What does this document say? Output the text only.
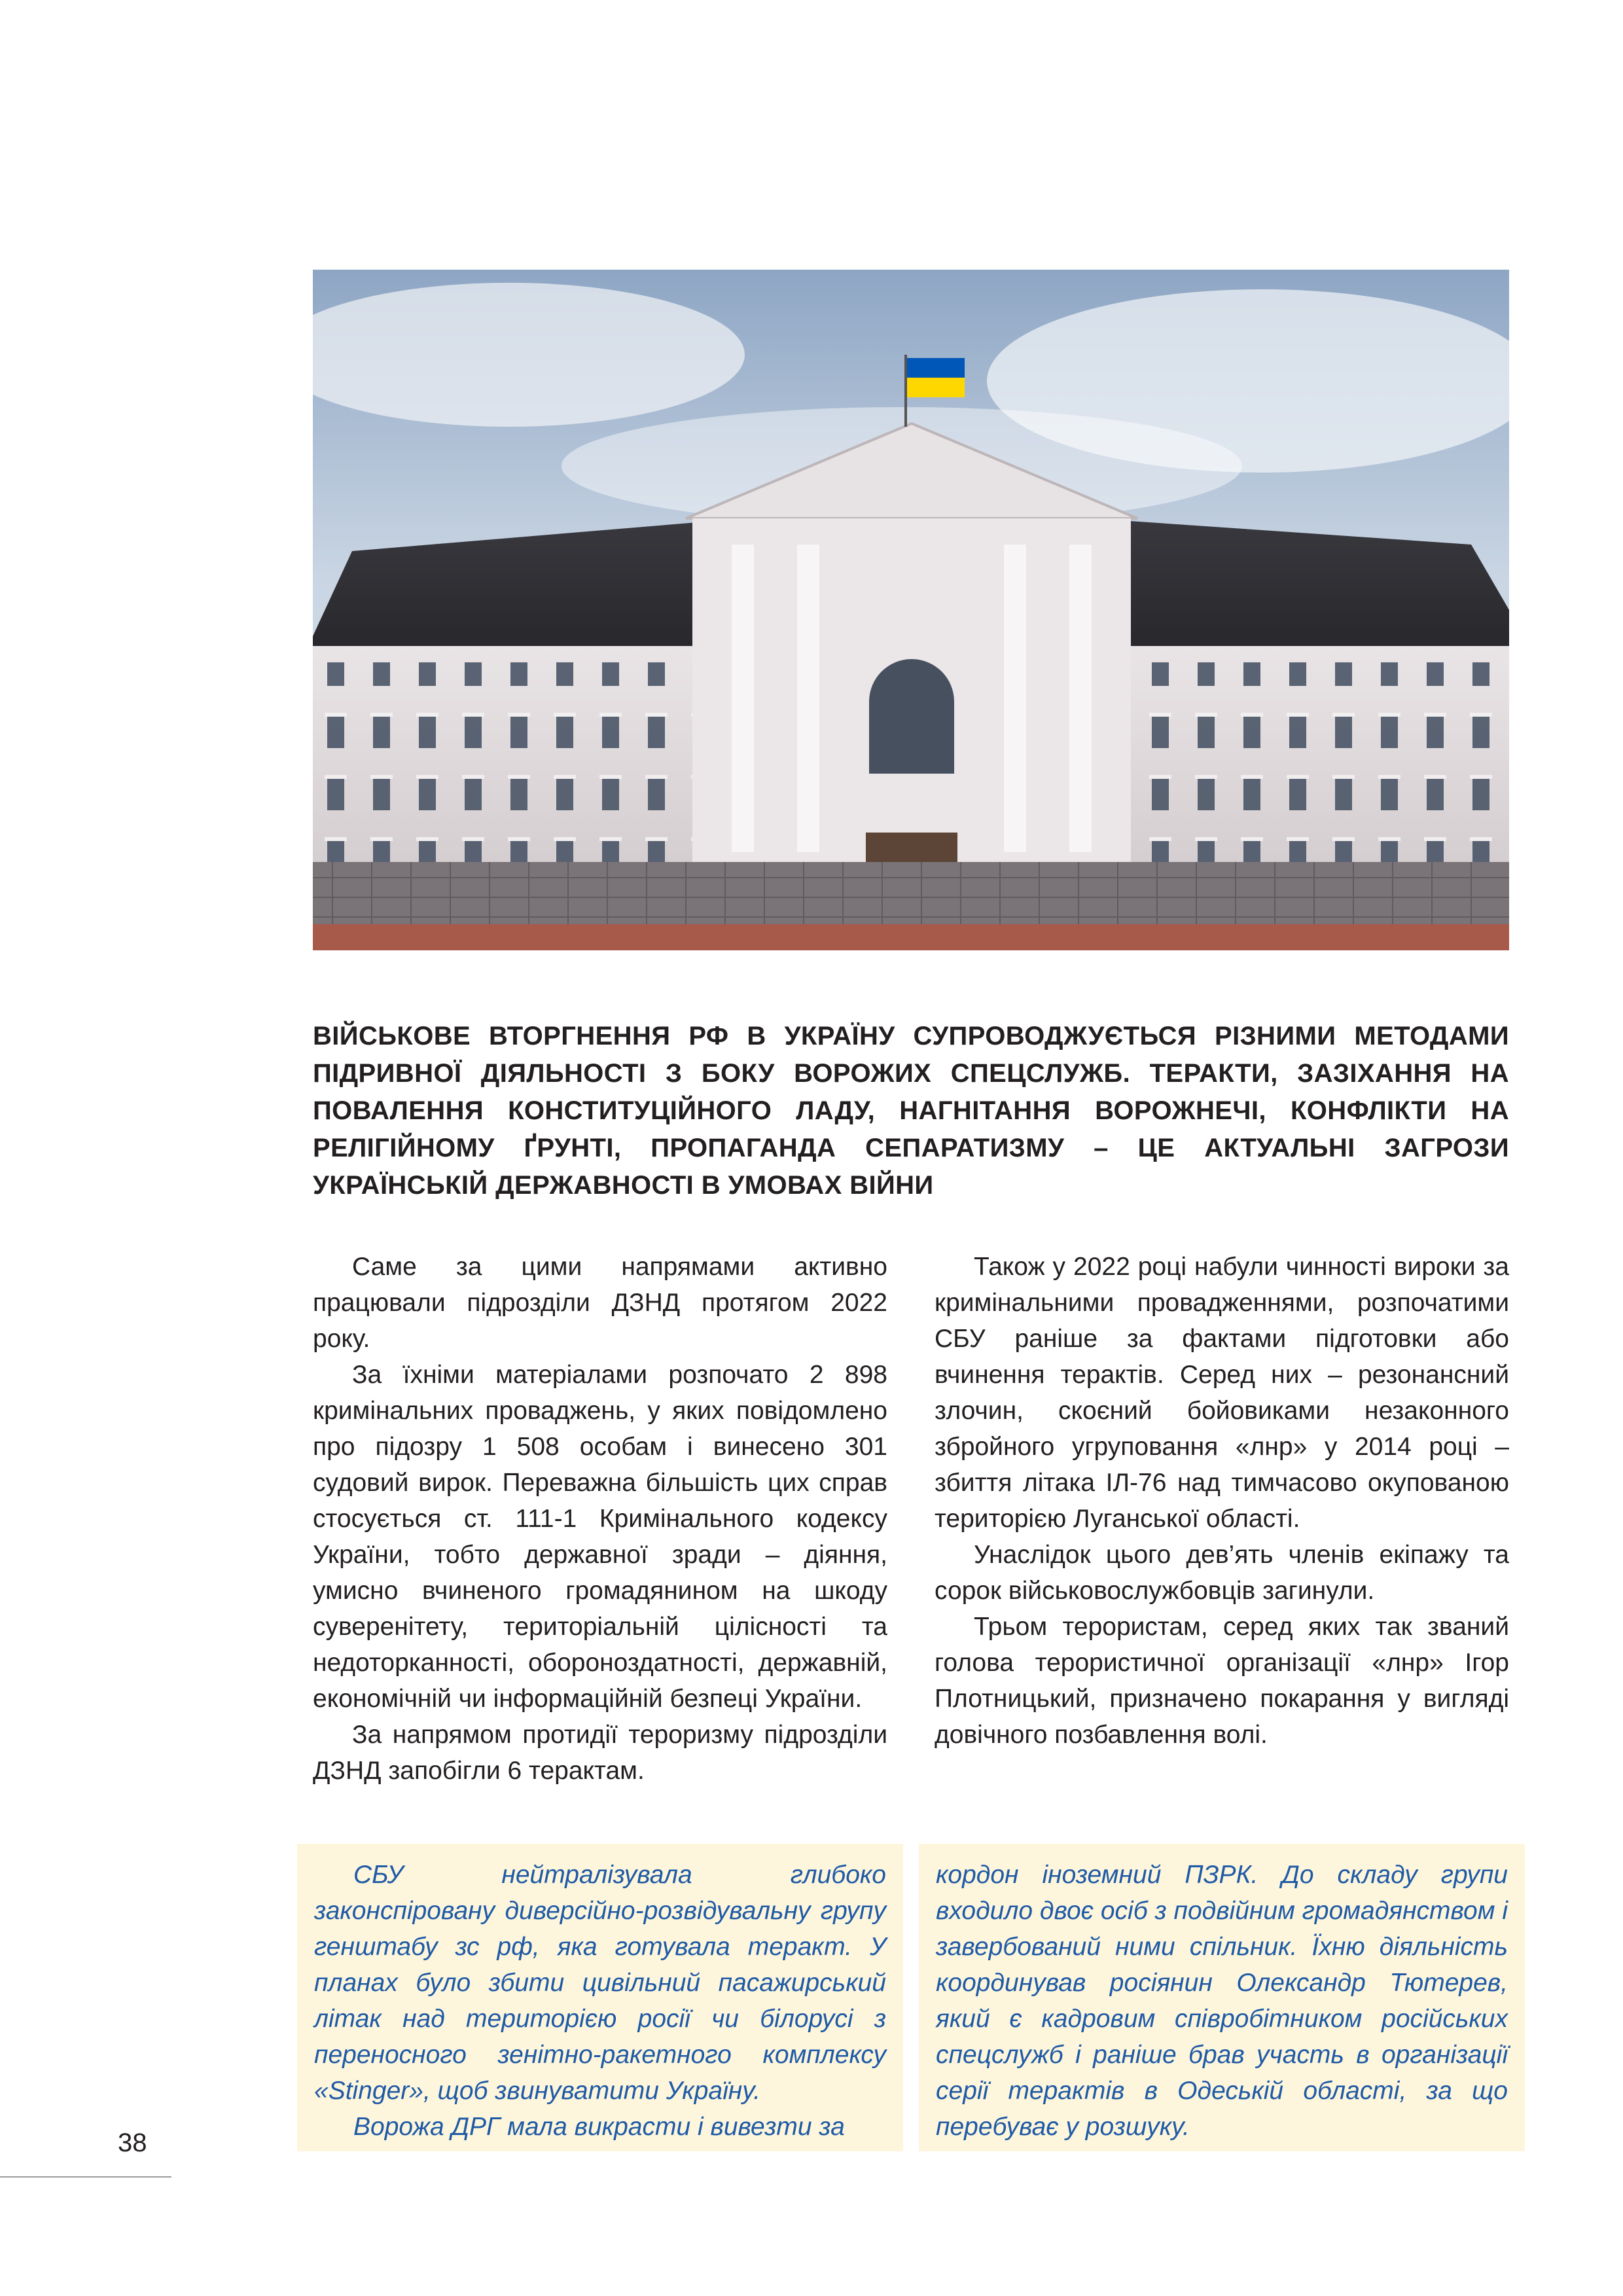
ВІЙСЬКОВЕ ВТОРГНЕННЯ РФ В УКРАЇНУ СУПРОВОДЖУЄТЬСЯ РІЗНИМИ МЕТОДАМИ ПІДРИВНОЇ ДІЯЛЬНОСТІ З БОКУ ВОРОЖИХ СПЕЦСЛУЖБ. ТЕРАКТИ, ЗАЗІХАННЯ НА ПОВАЛЕННЯ КОНСТИТУЦІЙНОГО ЛАДУ, НАГНІТАННЯ ВОРОЖНЕЧІ, КОНФЛІКТИ НА РЕЛІГІЙНОМУ ҐРУНТІ, ПРОПАГАНДА СЕПАРАТИЗМУ – ЦЕ АКТУАЛЬНІ ЗАГРОЗИ УКРАЇНСЬКІЙ ДЕРЖАВНОСТІ В УМОВАХ ВІЙНИ

Саме за цими напрямами активно працювали підрозділи ДЗНД протягом 2022 року.

За їхніми матеріалами розпочато 2 898 кримінальних проваджень, у яких повідомлено про підозру 1 508 особам і винесено 301 судовий вирок. Переважна більшість цих справ стосується ст. 111-1 Кримінального кодексу України, тобто державної зради – діяння, умисно вчиненого громадянином на шкоду суверенітету, територіальній цілісності та недоторканності, обороноздатності, державній, економічній чи інформаційній безпеці України.

За напрямом протидії тероризму підрозділи ДЗНД запобігли 6 терактам.

Також у 2022 році набули чинності вироки за кримінальними провадженнями, розпочатими СБУ раніше за фактами підготовки або вчинення терактів. Серед них – резонансний злочин, скоєний бойовиками незаконного збройного угруповання «лнр» у 2014 році – збиття літака ІЛ-76 над тимчасово окупованою територією Луганської області.

Унаслідок цього дев’ять членів екіпажу та сорок військовослужбовців загинули.

Трьом терористам, серед яких так званий голова терористичної організації «лнр» Ігор Плотницький, призначено покарання у вигляді довічного позбавлення волі.

СБУ нейтралізувала глибоко законспіровану диверсійно-розвідувальну групу генштабу зс рф, яка готувала теракт. У планах було збити цивільний пасажирський літак над територією росії чи білорусі з переносного зенітно-ракетного комплексу «Stinger», щоб звинуватити Україну.

Ворожа ДРГ мала викрасти і вивезти за

кордон іноземний ПЗРК. До складу групи входило двоє осіб з подвійним громадянством і завербований ними спільник. Їхню діяльність координував росіянин Олександр Тютерев, який є кадровим співробітником російських спецслужб і раніше брав участь в організації серії терактів в Одеській області, за що перебуває у розшуку.

38
